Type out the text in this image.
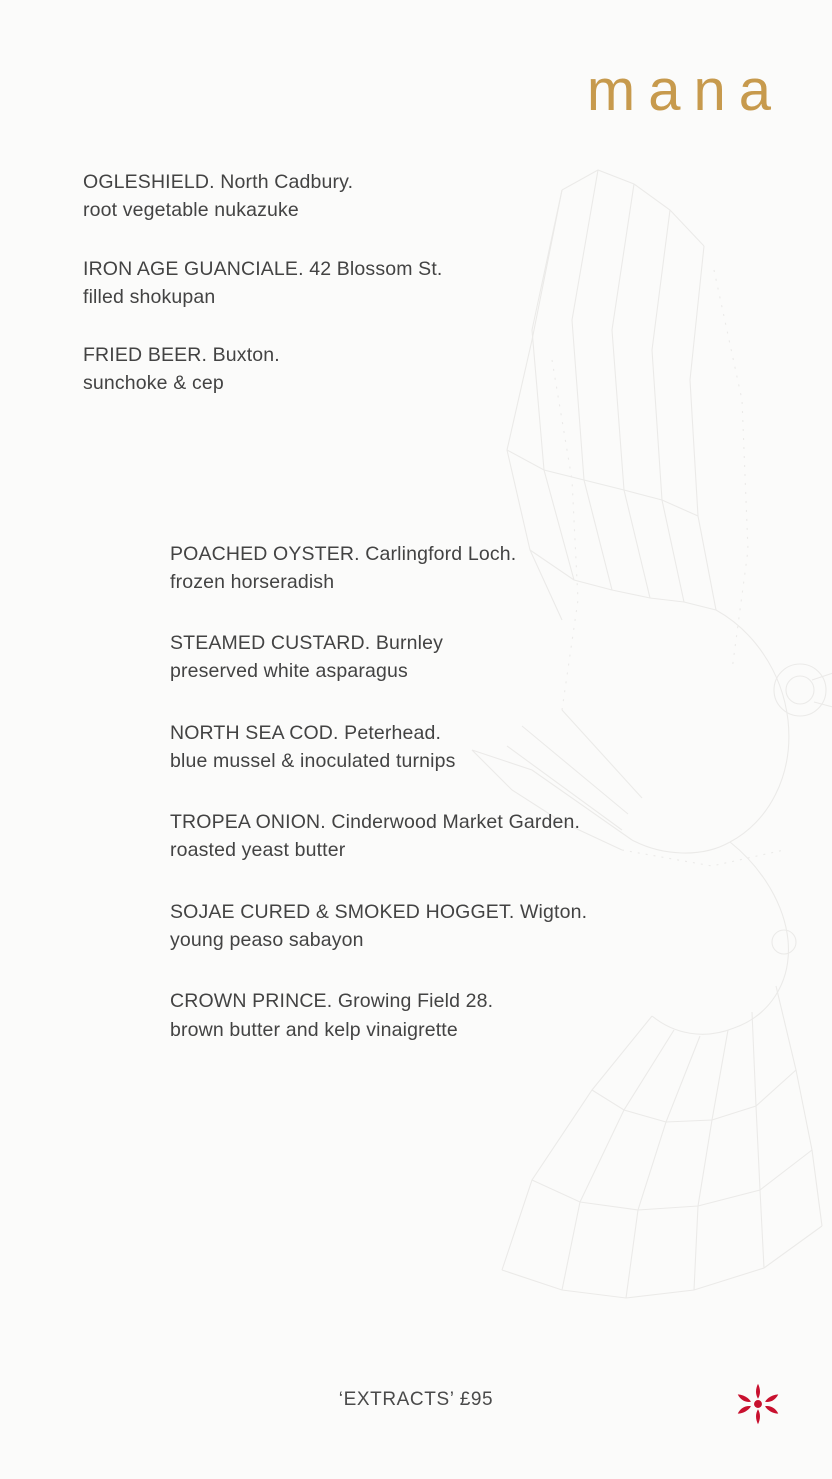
mana
OGLESHIELD. North Cadbury.
root vegetable nukazuke
IRON AGE GUANCIALE. 42 Blossom St.
filled shokupan
FRIED BEER. Buxton.
sunchoke & cep
POACHED OYSTER. Carlingford Loch.
frozen horseradish
STEAMED CUSTARD. Burnley
preserved white asparagus
NORTH SEA COD. Peterhead.
blue mussel & inoculated turnips
TROPEA ONION. Cinderwood Market Garden.
roasted yeast butter
SOJAE CURED & SMOKED HOGGET. Wigton.
young peaso sabayon
CROWN PRINCE. Growing Field 28.
brown butter and kelp vinaigrette
‘EXTRACTS’ £95
